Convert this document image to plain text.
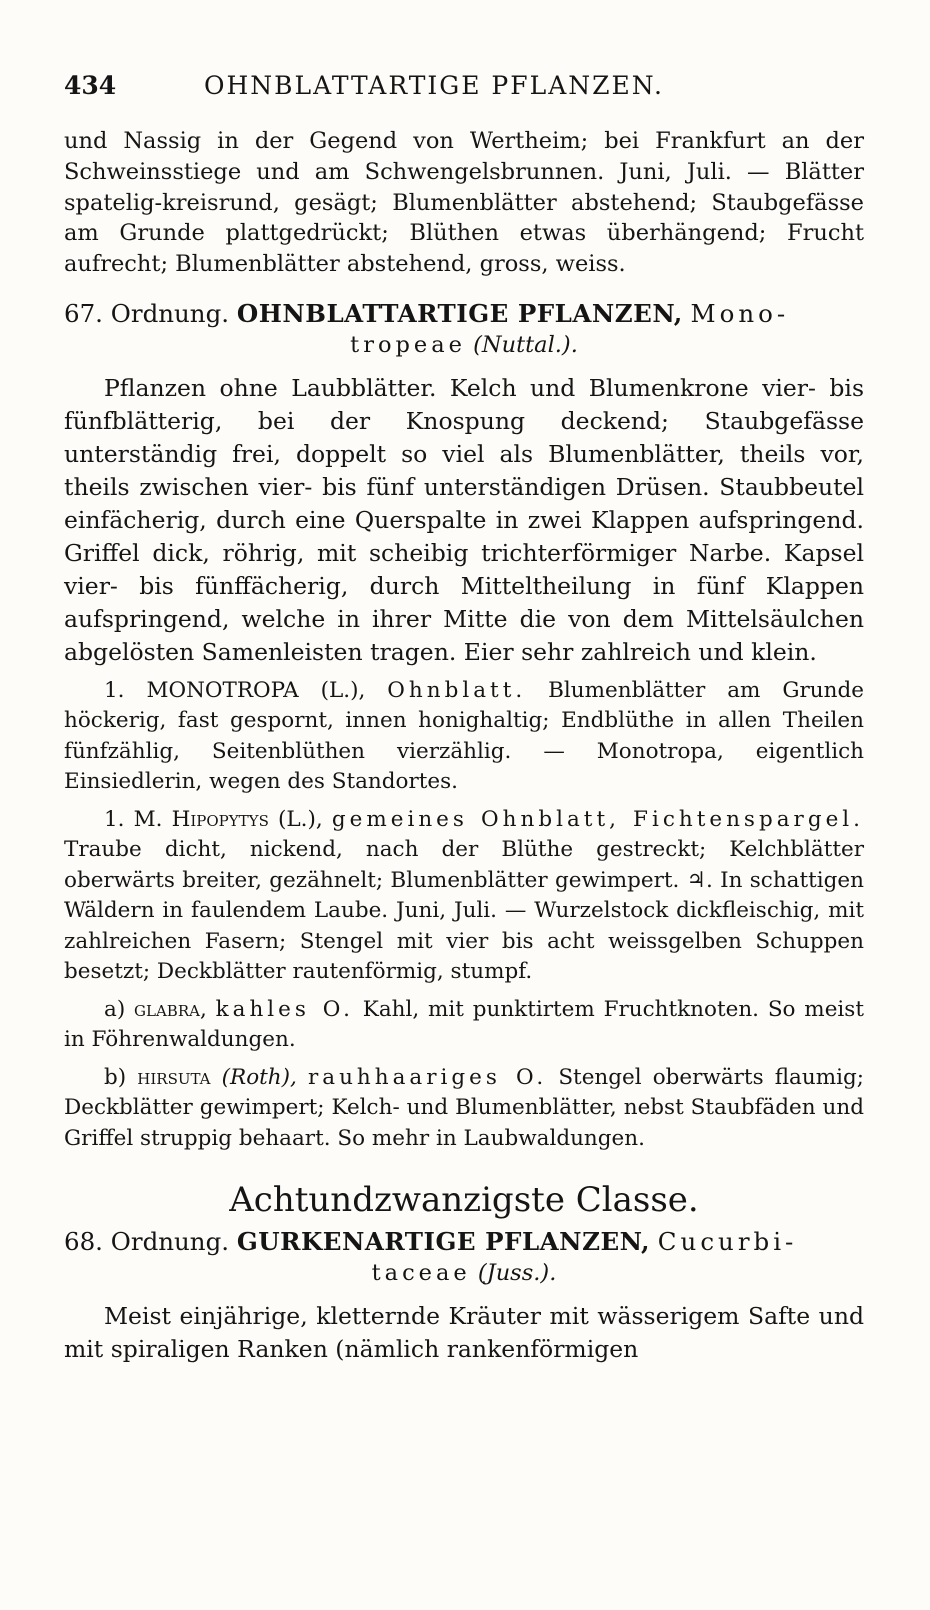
434	OHNBLATTARTIGE PFLANZEN.

und Nassig in der Gegend von Wertheim; bei Frankfurt an der Schweinsstiege und am Schwengelsbrunnen. Juni, Juli. — Blätter spatelig-kreisrund, gesägt; Blumenblätter abstehend; Staubgefässe am Grunde plattgedrückt; Blüthen etwas überhängend; Frucht aufrecht; Blumenblätter abstehend, gross, weiss.

67. Ordnung. OHNBLATTARTIGE PFLANZEN, Mono-

tropeae (Nuttal.).

Pflanzen ohne Laubblätter. Kelch und Blumenkrone vier- bis fünfblätterig, bei der Knospung deckend; Staubgefässe unterständig frei, doppelt so viel als Blumenblätter, theils vor, theils zwischen vier- bis fünf unterständigen Drüsen. Staubbeutel einfächerig, durch eine Querspalte in zwei Klappen aufspringend. Griffel dick, röhrig, mit scheibig trichterförmiger Narbe. Kapsel vier- bis fünffächerig, durch Mitteltheilung in fünf Klappen aufspringend, welche in ihrer Mitte die von dem Mittelsäulchen abgelösten Samenleisten tragen. Eier sehr zahlreich und klein.

1. MONOTROPA (L.), Ohnblatt. Blumenblätter am Grunde höckerig, fast gespornt, innen honighaltig; Endblüthe in allen Theilen fünfzählig, Seitenblüthen vierzählig. — Monotropa, eigentlich Einsiedlerin, wegen des Standortes.

1. M. Hipopytys (L.), gemeines Ohnblatt, Fichtenspargel. Traube dicht, nickend, nach der Blüthe gestreckt; Kelchblätter oberwärts breiter, gezähnelt; Blumenblätter gewimpert. ♃. In schattigen Wäldern in faulendem Laube. Juni, Juli. — Wurzelstock dickfleischig, mit zahlreichen Fasern; Stengel mit vier bis acht weissgelben Schuppen besetzt; Deckblätter rautenförmig, stumpf.

a) glabra, kahles O. Kahl, mit punktirtem Fruchtknoten. So meist in Föhrenwaldungen.

b) hirsuta (Roth), rauhhaariges O. Stengel oberwärts flaumig; Deckblätter gewimpert; Kelch- und Blumenblätter, nebst Staubfäden und Griffel struppig behaart. So mehr in Laubwaldungen.

Achtundzwanzigste Classe.

68. Ordnung. GURKENARTIGE PFLANZEN, Cucurbi-

taceae (Juss.).

Meist einjährige, kletternde Kräuter mit wässerigem Safte und mit spiraligen Ranken (nämlich rankenförmigen
